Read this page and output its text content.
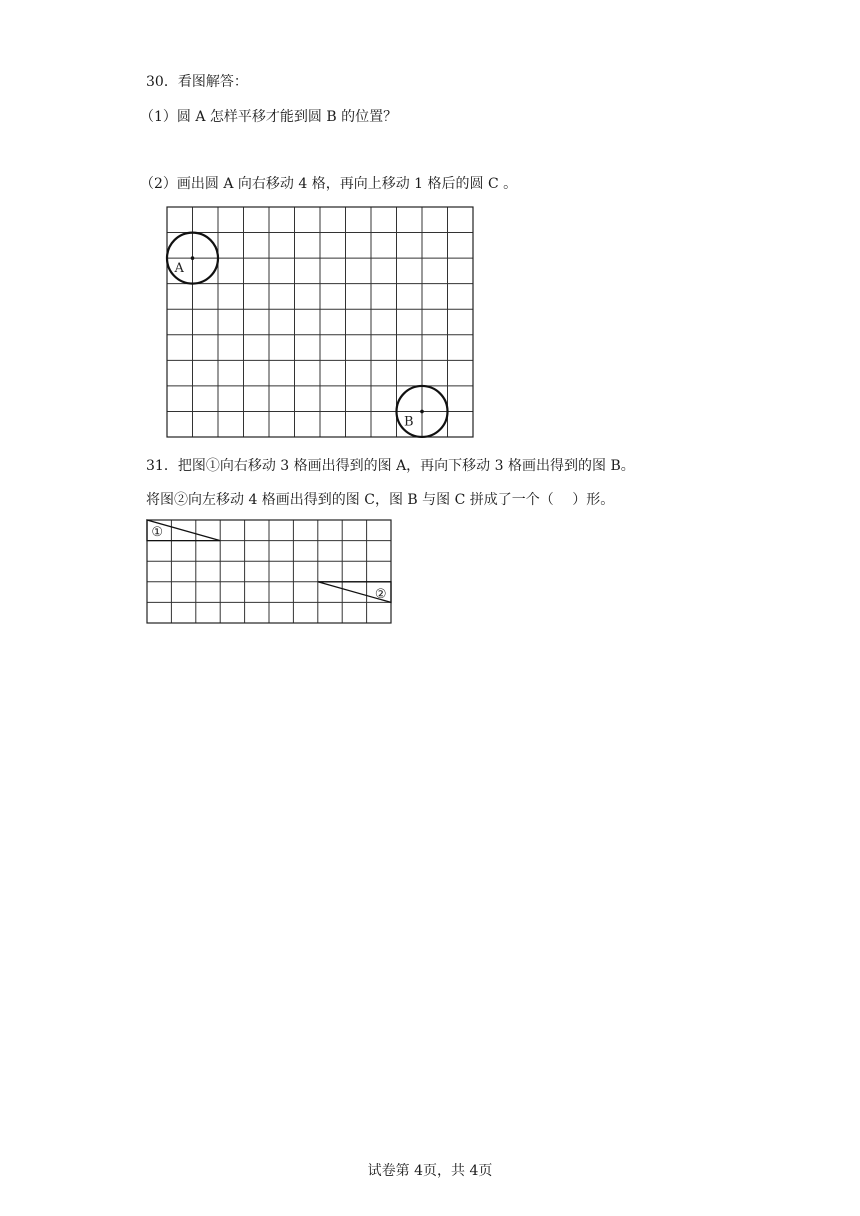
30．看图解答：

（1）圆 A 怎样平移才能到圆 B 的位置？

（2）画出圆 A 向右移动 4 格，再向上移动 1 格后的圆 C 。

A
B

31．把图①向右移动 3 格画出得到的图 A，再向下移动 3 格画出得到的图 B。

将图②向左移动 4 格画出得到的图 C，图 B 与图 C 拼成了一个（　 ）形。

①
②
试卷第 4页，共 4页
